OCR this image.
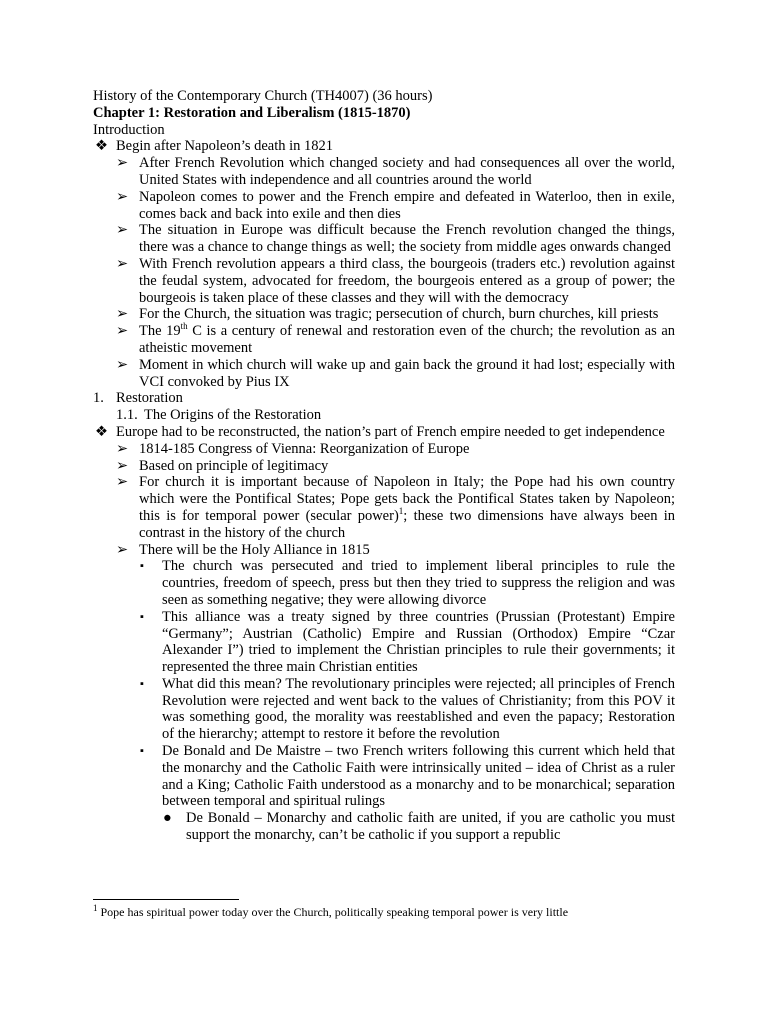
History of the Contemporary Church (TH4007) (36 hours)

Chapter 1: Restoration and Liberalism (1815-1870)

Introduction

❖ Begin after Napoleon’s death in 1821
➢ After French Revolution which changed society and had consequences all over the world, United States with independence and all countries around the world
➢ Napoleon comes to power and the French empire and defeated in Waterloo, then in exile, comes back and back into exile and then dies
➢ The situation in Europe was difficult because the French revolution changed the things, there was a chance to change things as well; the society from middle ages onwards changed
➢ With French revolution appears a third class, the bourgeois (traders etc.) revolution against the feudal system, advocated for freedom, the bourgeois entered as a group of power; the bourgeois is taken place of these classes and they will with the democracy
➢ For the Church, the situation was tragic; persecution of church, burn churches, kill priests
➢ The 19th C is a century of renewal and restoration even of the church; the revolution as an atheistic movement
➢ Moment in which church will wake up and gain back the ground it had lost; especially with VCI convoked by Pius IX
1. Restoration
1.1. The Origins of the Restoration
❖ Europe had to be reconstructed, the nation’s part of French empire needed to get independence
➢ 1814-185 Congress of Vienna: Reorganization of Europe
➢ Based on principle of legitimacy
➢ For church it is important because of Napoleon in Italy; the Pope had his own country which were the Pontifical States; Pope gets back the Pontifical States taken by Napoleon; this is for temporal power (secular power)$^1$; these two dimensions have always been in contrast in the history of the church
➢ There will be the Holy Alliance in 1815
▪ The church was persecuted and tried to implement liberal principles to rule the countries, freedom of speech, press but then they tried to suppress the religion and was seen as something negative; they were allowing divorce
▪ This alliance was a treaty signed by three countries (Prussian (Protestant) Empire “Germany”; Austrian (Catholic) Empire and Russian (Orthodox) Empire “Czar Alexander I”) tried to implement the Christian principles to rule their governments; it represented the three main Christian entities
▪ What did this mean? The revolutionary principles were rejected; all principles of French Revolution were rejected and went back to the values of Christianity; from this POV it was something good, the morality was reestablished and even the papacy; Restoration of the hierarchy; attempt to restore it before the revolution
▪ De Bonald and De Maistre – two French writers following this current which held that the monarchy and the Catholic Faith were intrinsically united – idea of Christ as a ruler and a King; Catholic Faith understood as a monarchy and to be monarchical; separation between temporal and spiritual rulings
● De Bonald – Monarchy and catholic faith are united, if you are catholic you must support the monarchy, can’t be catholic if you support a republic
$^1$ Pope has spiritual power today over the Church, politically speaking temporal power is very little
